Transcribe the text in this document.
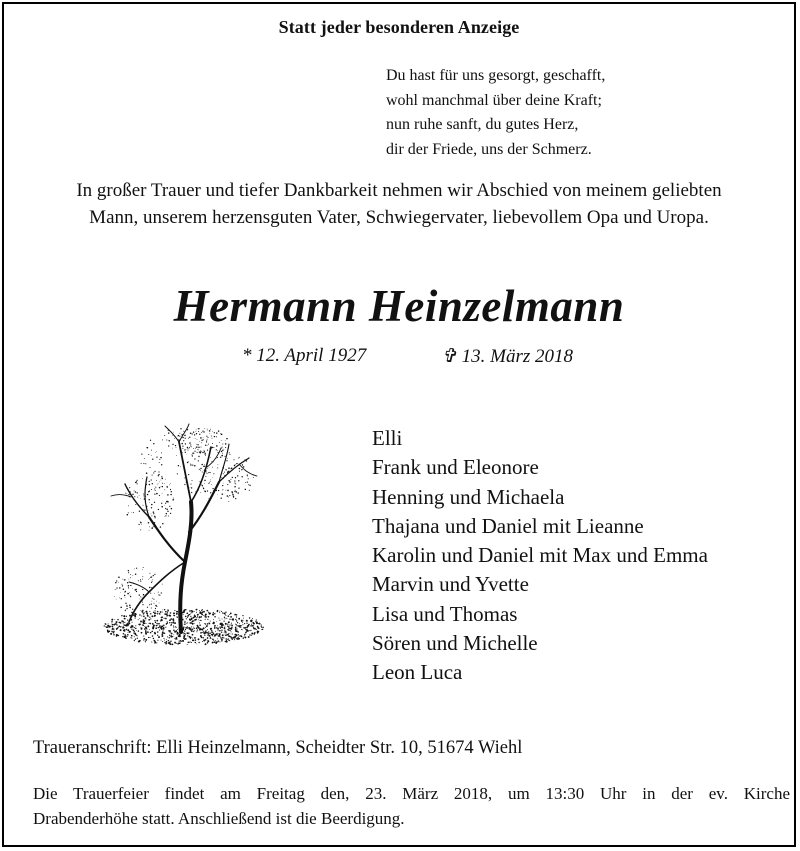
Statt jeder besonderen Anzeige
Du hast für uns gesorgt, geschafft,
wohl manchmal über deine Kraft;
nun ruhe sanft, du gutes Herz,
dir der Friede, uns der Schmerz.
In großer Trauer und tiefer Dankbarkeit nehmen wir Abschied von meinem geliebten
Mann, unserem herzensguten Vater, Schwiegervater, liebevollem Opa und Uropa.
Hermann Heinzelmann
* 12. April 1927	✞ 13. März 2018
Elli
Frank und Eleonore
Henning und Michaela
Thajana und Daniel mit Lieanne
Karolin und Daniel mit Max und Emma
Marvin und Yvette
Lisa und Thomas
Sören und Michelle
Leon Luca
Traueranschrift: Elli Heinzelmann, Scheidter Str. 10, 51674 Wiehl
Die Trauerfeier findet am Freitag den, 23. März 2018, um 13:30 Uhr in der ev. Kirche
Drabenderhöhe statt. Anschließend ist die Beerdigung.
